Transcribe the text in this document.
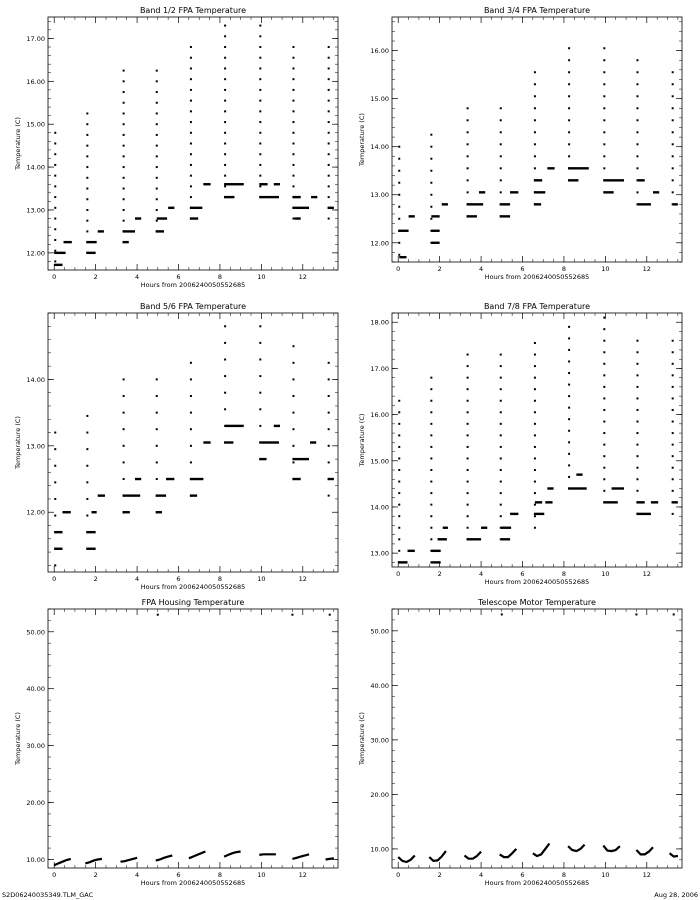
Band 1/2 FPA Temperature
Hours from 2006240050552685
Temperature (C)
0	2	4	6	8	10	12
12.00
13.00
14.00
15.00
16.00
17.00
Band 3/4 FPA Temperature
Hours from 2006240050552685
Temperature (C)
0	2	4	6	8	10	12
12.00
13.00
14.00
15.00
16.00
Band 5/6 FPA Temperature
Hours from 2006240050552685
Temperature (C)
0	2	4	6	8	10	12
12.00
13.00
14.00
Band 7/8 FPA Temperature
Hours from 2006240050552685
Temperature (C)
0	2	4	6	8	10	12
13.00
14.00
15.00
16.00
17.00
18.00
FPA Housing Temperature
Hours from 2006240050552685
Temperature (C)
0	2	4	6	8	10	12
10.00
20.00
30.00
40.00
50.00
Telescope Motor Temperature
Hours from 2006240050552685
Temperature (C)
0	2	4	6	8	10	12
10.00
20.00
30.00
40.00
50.00
S2D06240035349.TLM_GAC	Aug 28, 2006
